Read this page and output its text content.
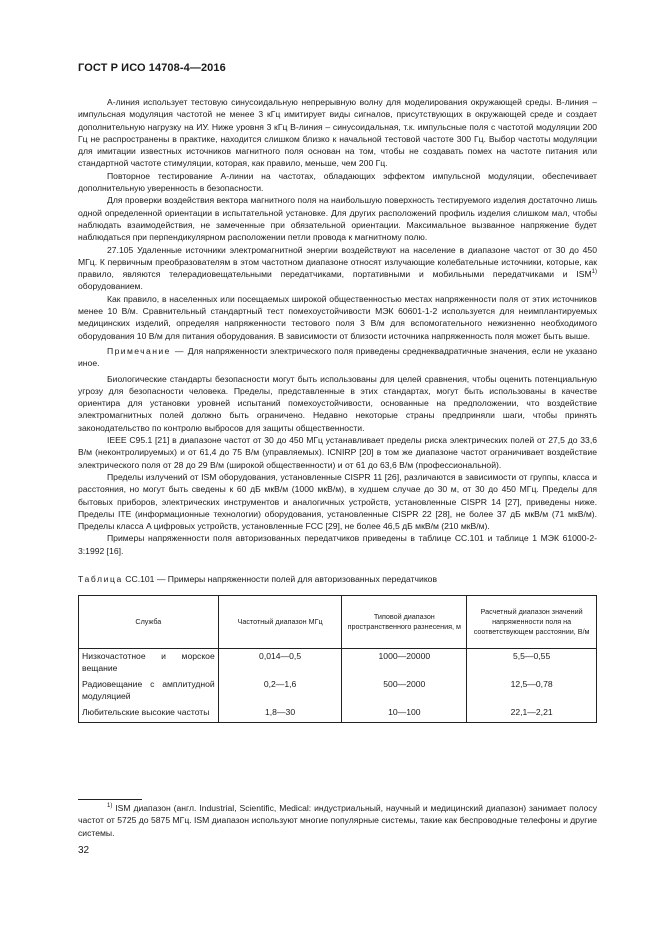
ГОСТ Р ИСО 14708-4—2016

A-линия использует тестовую синусоидальную непрерывную волну для моделирования окружающей среды. B-линия – импульсная модуляция частотой не менее 3 кГц имитирует виды сигналов, присутствующих в окружающей среде и создает дополнительную нагрузку на ИУ. Ниже уровня 3 кГц B-линия – синусоидальная, т.к. импульсные поля с частотой модуляции 200 Гц не распространены в практике, находится слишком близко к начальной тестовой частоте 300 Гц. Выбор частоты модуляции для имитации известных источников магнитного поля основан на том, чтобы не создавать помех на частоте питания или стандартной частоте стимуляции, которая, как правило, меньше, чем 200 Гц.

Повторное тестирование A-линии на частотах, обладающих эффектом импульсной модуляции, обеспечивает дополнительную уверенность в безопасности.

Для проверки воздействия вектора магнитного поля на наибольшую поверхность тестируемого изделия достаточно лишь одной определенной ориентации в испытательной установке. Для других расположений профиль изделия слишком мал, чтобы наблюдать взаимодействия, не замеченные при обязательной ориентации. Максимальное вызванное напряжение будет наблюдаться при перпендикулярном расположении петли провода к магнитному полю.

27.105 Удаленные источники электромагнитной энергии воздействуют на население в диапазоне частот от 30 до 450 МГц. К первичным преобразователям в этом частотном диапазоне относят излучающие колебательные источники, которые, как правило, являются телерадиовещательными передатчиками, портативными и мобильными передатчиками и ISM$^{1)}$ оборудованием.

Как правило, в населенных или посещаемых широкой общественностью местах напряженности поля от этих источников менее 10 В/м. Сравнительный стандартный тест помехоустойчивости МЭК 60601-1-2 используется для неимплантируемых медицинских изделий, определяя напряженности тестового поля 3 В/м для вспомогательного нежизненно необходимого оборудования 10 В/м для питания оборудования. В зависимости от близости источника напряженность поля может быть выше.

Примечание — Для напряженности электрического поля приведены среднеквадратичные значения, если не указано иное.

Биологические стандарты безопасности могут быть использованы для целей сравнения, чтобы оценить потенциальную угрозу для безопасности человека. Пределы, представленные в этих стандартах, могут быть использованы в качестве ориентира для установки уровней испытаний помехоустойчивости, основанные на предположении, что воздействие электромагнитных полей должно быть ограничено. Недавно некоторые страны предприняли шаги, чтобы принять законодательство по контролю выбросов для защиты общественности.

IEEE C95.1 [21] в диапазоне частот от 30 до 450 МГц устанавливает пределы риска электрических полей от 27,5 до 33,6 В/м (неконтролируемых) и от 61,4 до 75 В/м (управляемых). ICNIRP [20] в том же диапазоне частот ограничивает воздействие электрического поля от 28 до 29 В/м (широкой общественности) и от 61 до 63,6 В/м (профессиональной).

Пределы излучений от ISM оборудования, установленные CISPR 11 [26], различаются в зависимости от группы, класса и расстояния, но могут быть сведены к 60 дБ мкВ/м (1000 мкВ/м), в худшем случае до 30 м, от 30 до 450 МГц. Пределы для бытовых приборов, электрических инструментов и аналогичных устройств, установленные CISPR 14 [27], приведены ниже. Пределы ITE (информационные технологии) оборудования, установленные CISPR 22 [28], не более 37 дБ мкВ/м (71 мкВ/м). Пределы класса A цифровых устройств, установленные FCC [29], не более 46,5 дБ мкВ/м (210 мкВ/м).

Примеры напряженности поля авторизованных передатчиков приведены в таблице CC.101 и таблице 1 МЭК 61000-2-3:1992 [16].

Таблица CC.101 — Примеры напряженности полей для авторизованных передатчиков
Служба	Частотный диапазон МГц	Типовой диапазон пространственного разнесения, м	Расчетный диапазон значений напряженности поля на соответствующем расстоянии, В/м
Низкочастотное и морское вещание	0,014—0,5	1000—20000	5,5—0,55
Радиовещание с амплитудной модуляцией	0,2—1,6	500—2000	12,5—0,78
Любительские высокие частоты	1,8—30	10—100	22,1—2,21

$^{1)}$ ISM диапазон (англ. Industrial, Scientific, Medical: индустриальный, научный и медицинский диапазон) занимает полосу частот от 5725 до 5875 МГц. ISM диапазон используют многие популярные системы, такие как беспроводные телефоны и другие системы.

32
